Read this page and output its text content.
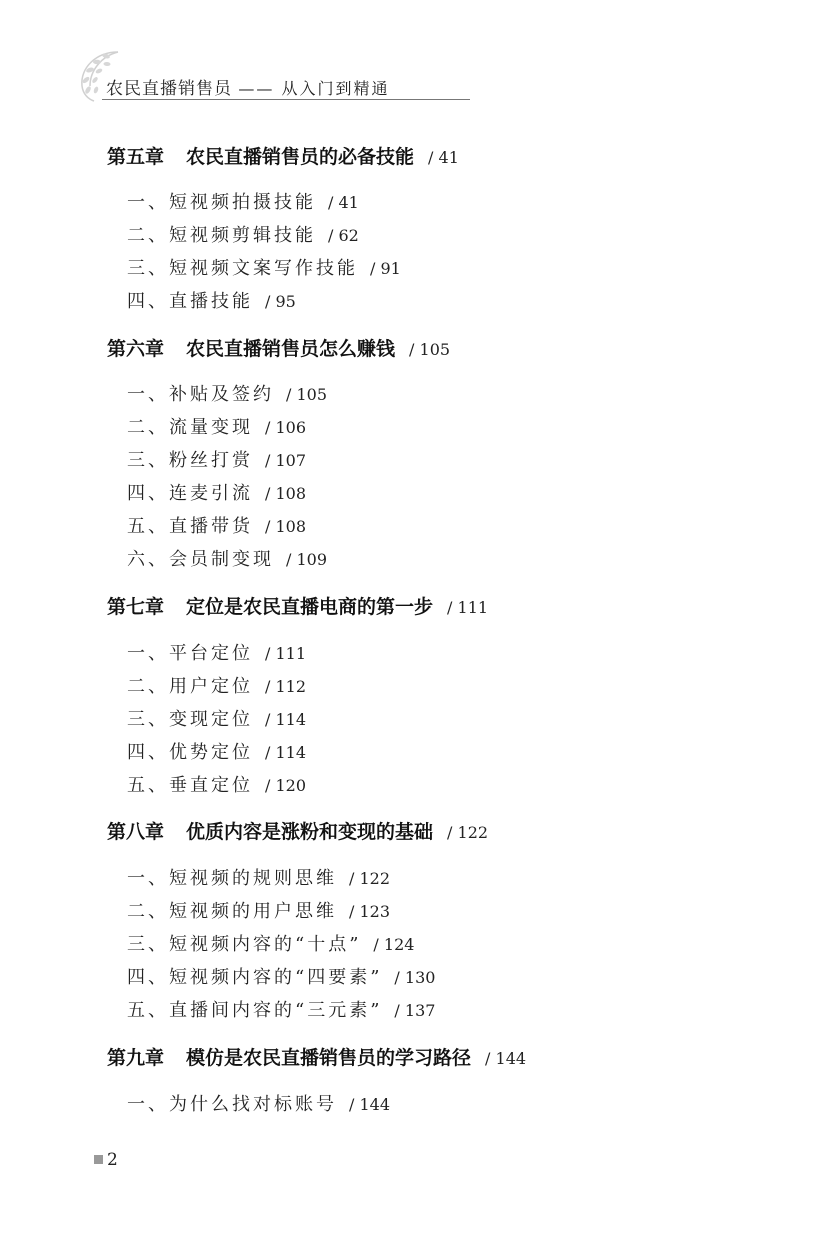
农民直播销售员 —— 从入门到精通
第五章 农民直播销售员的必备技能 / 41
一、短视频拍摄技能 / 41
二、短视频剪辑技能 / 62
三、短视频文案写作技能 / 91
四、直播技能 / 95
第六章 农民直播销售员怎么赚钱 / 105
一、补贴及签约 / 105
二、流量变现 / 106
三、粉丝打赏 / 107
四、连麦引流 / 108
五、直播带货 / 108
六、会员制变现 / 109
第七章 定位是农民直播电商的第一步 / 111
一、平台定位 / 111
二、用户定位 / 112
三、变现定位 / 114
四、优势定位 / 114
五、垂直定位 / 120
第八章 优质内容是涨粉和变现的基础 / 122
一、短视频的规则思维 / 122
二、短视频的用户思维 / 123
三、短视频内容的“十点” / 124
四、短视频内容的“四要素” / 130
五、直播间内容的“三元素” / 137
第九章 模仿是农民直播销售员的学习路径 / 144
一、为什么找对标账号 / 144
2
